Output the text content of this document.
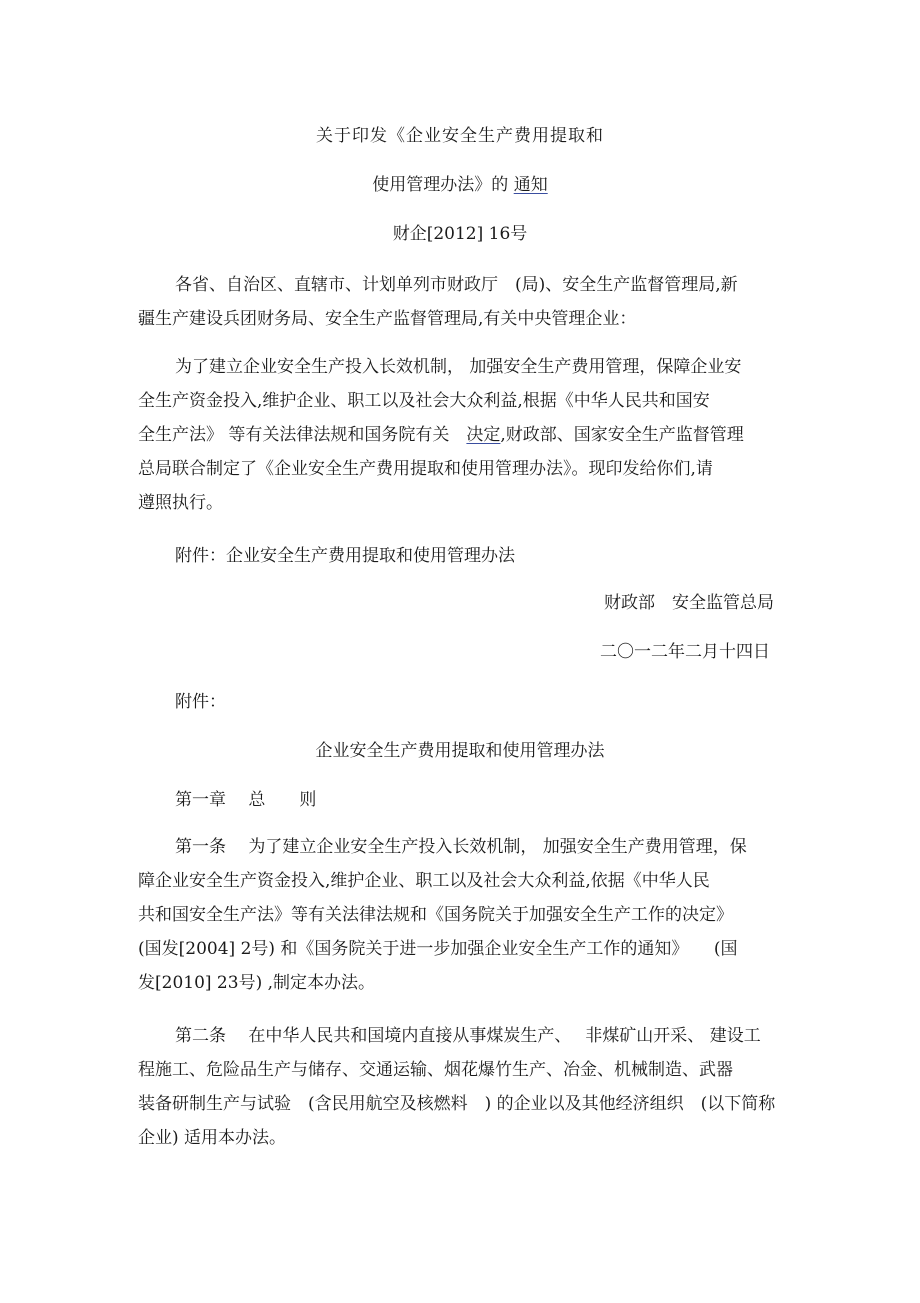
关于印发《企业安全生产费用提取和
使用管理办法》的 通知
财企[2012] 16号
各省、自治区、直辖市、计划单列市财政厅　(局)、安全生产监督管理局,新
疆生产建设兵团财务局、安全生产监督管理局,有关中央管理企业：
为了建立企业安全生产投入长效机制， 加强安全生产费用管理，保障企业安
全生产资金投入,维护企业、职工以及社会大众利益,根据《中华人民共和国安
全生产法》 等有关法律法规和国务院有关　决定,财政部、国家安全生产监督管理
总局联合制定了《企业安全生产费用提取和使用管理办法》。现印发给你们,请
遵照执行。
附件：企业安全生产费用提取和使用管理办法
财政部　安全监管总局
二〇一二年二月十四日
附件：
企业安全生产费用提取和使用管理办法
第一章　 总　　则
第一条　 为了建立企业安全生产投入长效机制， 加强安全生产费用管理，保
障企业安全生产资金投入,维护企业、职工以及社会大众利益,依据《中华人民
共和国安全生产法》等有关法律法规和《国务院关于加强安全生产工作的决定》
(国发[2004] 2号) 和《国务院关于进一步加强企业安全生产工作的通知》　　(国
发[2010] 23号) ,制定本办法。
第二条　 在中华人民共和国境内直接从事煤炭生产、　 非煤矿山开采、 建设工
程施工、危险品生产与储存、交通运输、烟花爆竹生产、冶金、机械制造、武器
装备研制生产与试验　(含民用航空及核燃料　) 的企业以及其他经济组织　(以下简称
企业) 适用本办法。
